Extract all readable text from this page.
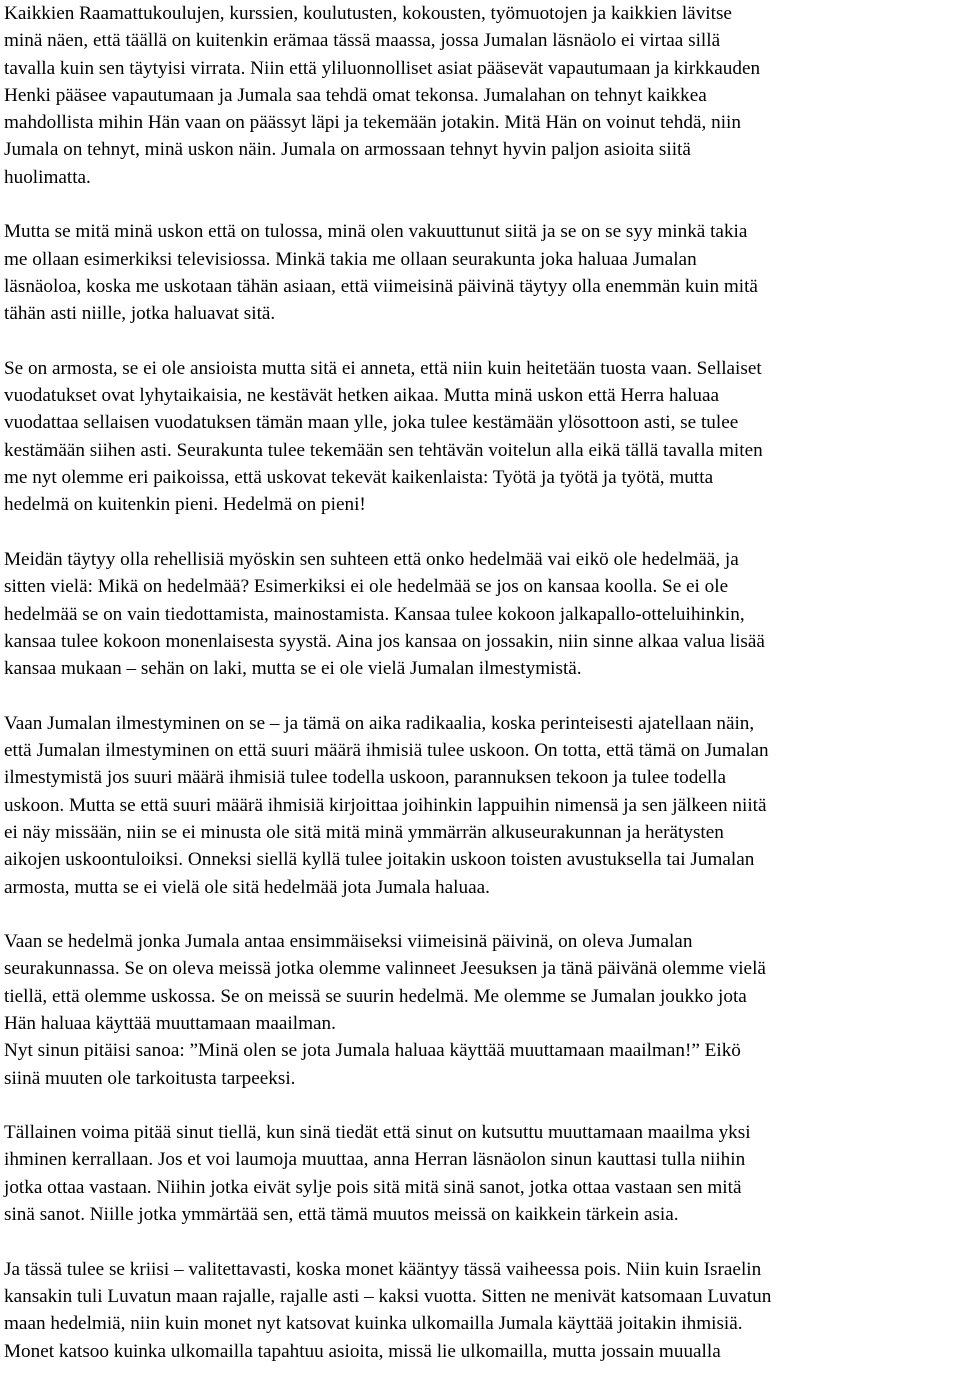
Kaikkien Raamattukoulujen, kurssien, koulutusten, kokousten, työmuotojen ja kaikkien lävitse
minä näen, että täällä on kuitenkin erämaa tässä maassa, jossa Jumalan läsnäolo ei virtaa sillä
tavalla kuin sen täytyisi virrata. Niin että yliluonnolliset asiat pääsevät vapautumaan ja kirkkauden
Henki pääsee vapautumaan ja Jumala saa tehdä omat tekonsa. Jumalahan on tehnyt kaikkea
mahdollista mihin Hän vaan on päässyt läpi ja tekemään jotakin. Mitä Hän on voinut tehdä, niin
Jumala on tehnyt, minä uskon näin. Jumala on armossaan tehnyt hyvin paljon asioita siitä
huolimatta.

Mutta se mitä minä uskon että on tulossa, minä olen vakuuttunut siitä ja se on se syy minkä takia
me ollaan esimerkiksi televisiossa. Minkä takia me ollaan seurakunta joka haluaa Jumalan
läsnäoloa, koska me uskotaan tähän asiaan, että viimeisinä päivinä täytyy olla enemmän kuin mitä
tähän asti niille, jotka haluavat sitä.

Se on armosta, se ei ole ansioista mutta sitä ei anneta, että niin kuin heitetään tuosta vaan. Sellaiset
vuodatukset ovat lyhytaikaisia, ne kestävät hetken aikaa. Mutta minä uskon että Herra haluaa
vuodattaa sellaisen vuodatuksen tämän maan ylle, joka tulee kestämään ylösottoon asti, se tulee
kestämään siihen asti. Seurakunta tulee tekemään sen tehtävän voitelun alla eikä tällä tavalla miten
me nyt olemme eri paikoissa, että uskovat tekevät kaikenlaista: Työtä ja työtä ja työtä, mutta
hedelmä on kuitenkin pieni. Hedelmä on pieni!

Meidän täytyy olla rehellisiä myöskin sen suhteen että onko hedelmää vai eikö ole hedelmää, ja
sitten vielä: Mikä on hedelmää? Esimerkiksi ei ole hedelmää se jos on kansaa koolla. Se ei ole
hedelmää se on vain tiedottamista, mainostamista. Kansaa tulee kokoon jalkapallo-otteluihinkin,
kansaa tulee kokoon monenlaisesta syystä. Aina jos kansaa on jossakin, niin sinne alkaa valua lisää
kansaa mukaan – sehän on laki, mutta se ei ole vielä Jumalan ilmestymistä.

Vaan Jumalan ilmestyminen on se – ja tämä on aika radikaalia, koska perinteisesti ajatellaan näin,
että Jumalan ilmestyminen on että suuri määrä ihmisiä tulee uskoon. On totta, että tämä on Jumalan
ilmestymistä jos suuri määrä ihmisiä tulee todella uskoon, parannuksen tekoon ja tulee todella
uskoon. Mutta se että suuri määrä ihmisiä kirjoittaa joihinkin lappuihin nimensä ja sen jälkeen niitä
ei näy missään, niin se ei minusta ole sitä mitä minä ymmärrän alkuseurakunnan ja herätysten
aikojen uskoontuloiksi. Onneksi siellä kyllä tulee joitakin uskoon toisten avustuksella tai Jumalan
armosta, mutta se ei vielä ole sitä hedelmää jota Jumala haluaa.

Vaan se hedelmä jonka Jumala antaa ensimmäiseksi viimeisinä päivinä, on oleva Jumalan
seurakunnassa. Se on oleva meissä jotka olemme valinneet Jeesuksen ja tänä päivänä olemme vielä
tiellä, että olemme uskossa. Se on meissä se suurin hedelmä. Me olemme se Jumalan joukko jota
Hän haluaa käyttää muuttamaan maailman.

Nyt sinun pitäisi sanoa: ”Minä olen se jota Jumala haluaa käyttää muuttamaan maailman!” Eikö
siinä muuten ole tarkoitusta tarpeeksi.

Tällainen voima pitää sinut tiellä, kun sinä tiedät että sinut on kutsuttu muuttamaan maailma yksi
ihminen kerrallaan. Jos et voi laumoja muuttaa, anna Herran läsnäolon sinun kauttasi tulla niihin
jotka ottaa vastaan. Niihin jotka eivät sylje pois sitä mitä sinä sanot, jotka ottaa vastaan sen mitä
sinä sanot. Niille jotka ymmärtää sen, että tämä muutos meissä on kaikkein tärkein asia.

Ja tässä tulee se kriisi – valitettavasti, koska monet kääntyy tässä vaiheessa pois. Niin kuin Israelin
kansakin tuli Luvatun maan rajalle, rajalle asti – kaksi vuotta. Sitten ne menivät katsomaan Luvatun
maan hedelmiä, niin kuin monet nyt katsovat kuinka ulkomailla Jumala käyttää joitakin ihmisiä.
Monet katsoo kuinka ulkomailla tapahtuu asioita, missä lie ulkomailla, mutta jossain muualla
